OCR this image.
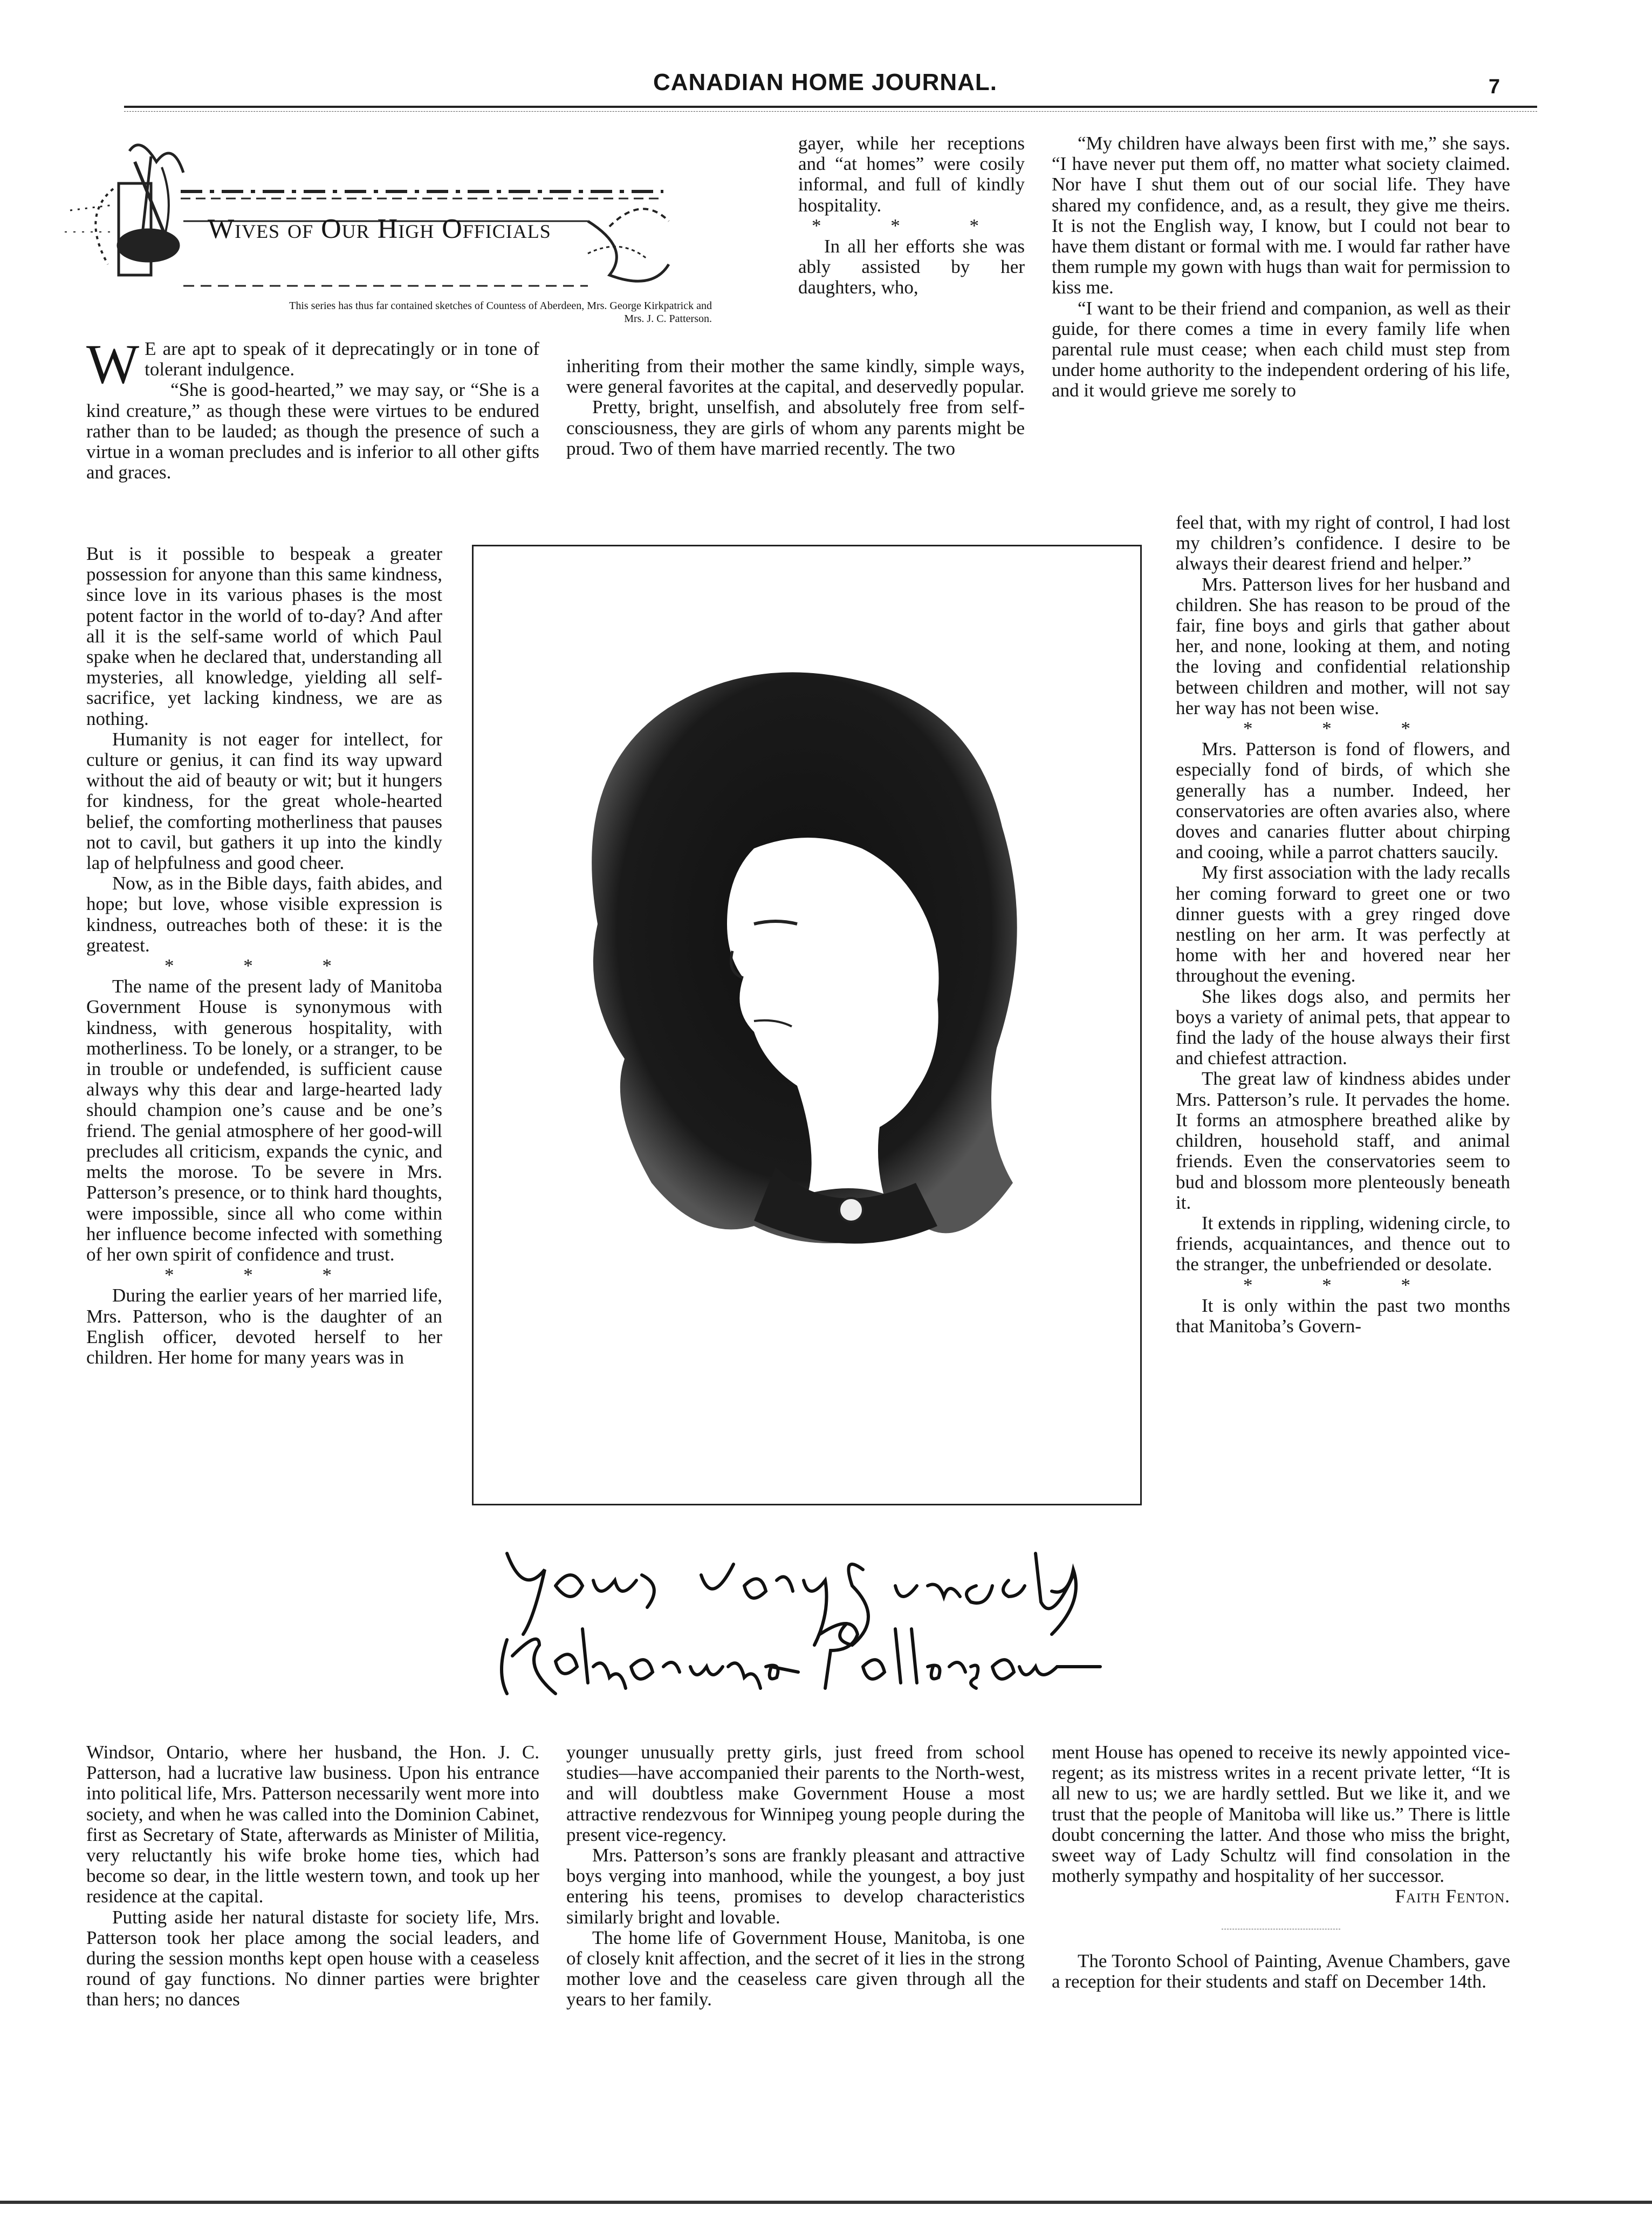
CANADIAN HOME JOURNAL.	7
Wives of Our High Officials
This series has thus far contained sketches of Countess of Aberdeen, Mrs. George Kirkpatrick and Mrs. J. C. Patterson.

W E are apt to speak of it deprecatingly or in tone of tolerant indulgence.

“She is good-hearted,” we may say, or “She is a kind creature,” as though these were virtues to be endured rather than to be lauded; as though the presence of such a virtue in a woman precludes and is inferior to all other gifts and graces.

But is it possible to bespeak a greater possession for anyone than this same kindness, since love in its various phases is the most potent factor in the world of to-day? And after all it is the self-same world of which Paul spake when he declared that, understanding all mysteries, all knowledge, yielding all self-sacrifice, yet lacking kindness, we are as nothing.

Humanity is not eager for intellect, for culture or genius, it can find its way upward without the aid of beauty or wit; but it hungers for kindness, for the great whole-hearted belief, the comforting motherliness that pauses not to cavil, but gathers it up into the kindly lap of helpfulness and good cheer.

Now, as in the Bible days, faith abides, and hope; but love, whose visible expression is kindness, outreaches both of these: it is the greatest.

* * *

The name of the present lady of Manitoba Government House is synonymous with kindness, with generous hospitality, with motherliness. To be lonely, or a stranger, to be in trouble or undefended, is sufficient cause always why this dear and large-hearted lady should champion one’s cause and be one’s friend. The genial atmosphere of her good-will precludes all criticism, expands the cynic, and melts the morose. To be severe in Mrs. Patterson’s presence, or to think hard thoughts, were impossible, since all who come within her influence become infected with something of her own spirit of confidence and trust.

* * *

During the earlier years of her married life, Mrs. Patterson, who is the daughter of an English officer, devoted herself to her children. Her home for many years was in

Windsor, Ontario, where her husband, the Hon. J. C. Patterson, had a lucrative law business. Upon his entrance into political life, Mrs. Patterson necessarily went more into society, and when he was called into the Dominion Cabinet, first as Secretary of State, afterwards as Minister of Militia, very reluctantly his wife broke home ties, which had become so dear, in the little western town, and took up her residence at the capital.

Putting aside her natural distaste for society life, Mrs. Patterson took her place among the social leaders, and during the session months kept open house with a ceaseless round of gay functions. No dinner parties were brighter than hers; no dances

gayer, while her receptions and “at homes” were cosily informal, and full of kindly hospitality.

* * *

In all her efforts she was ably assisted by her daughters, who,

inheriting from their mother the same kindly, simple ways, were general favorites at the capital, and deservedly popular.

Pretty, bright, unselfish, and absolutely free from self-consciousness, they are girls of whom any parents might be proud. Two of them have married recently. The two

younger unusually pretty girls, just freed from school studies—have accompanied their parents to the North-west, and will doubtless make Government House a most attractive rendezvous for Winnipeg young people during the present vice-regency.

Mrs. Patterson’s sons are frankly pleasant and attractive boys verging into manhood, while the youngest, a boy just entering his teens, promises to develop characteristics similarly bright and lovable.

The home life of Government House, Manitoba, is one of closely knit affection, and the secret of it lies in the strong mother love and the ceaseless care given through all the years to her family.

“My children have always been first with me,” she says. “I have never put them off, no matter what society claimed. Nor have I shut them out of our social life. They have shared my confidence, and, as a result, they give me theirs. It is not the English way, I know, but I could not bear to have them distant or formal with me. I would far rather have them rumple my gown with hugs than wait for permission to kiss me.

“I want to be their friend and companion, as well as their guide, for there comes a time in every family life when parental rule must cease; when each child must step from under home authority to the independent ordering of his life, and it would grieve me sorely to

feel that, with my right of control, I had lost my children’s confidence. I desire to be always their dearest friend and helper.”

Mrs. Patterson lives for her husband and children. She has reason to be proud of the fair, fine boys and girls that gather about her, and none, looking at them, and noting the loving and confidential relationship between children and mother, will not say her way has not been wise.

* * *

Mrs. Patterson is fond of flowers, and especially fond of birds, of which she generally has a number. Indeed, her conservatories are often avaries also, where doves and canaries flutter about chirping and cooing, while a parrot chatters saucily.

My first association with the lady recalls her coming forward to greet one or two dinner guests with a grey ringed dove nestling on her arm. It was perfectly at home with her and hovered near her throughout the evening.

She likes dogs also, and permits her boys a variety of animal pets, that appear to find the lady of the house always their first and chiefest attraction.

The great law of kindness abides under Mrs. Patterson’s rule. It pervades the home. It forms an atmosphere breathed alike by children, household staff, and animal friends. Even the conservatories seem to bud and blossom more plenteously beneath it.

It extends in rippling, widening circle, to friends, acquaintances, and thence out to the stranger, the unbefriended or desolate.

* * *

It is only within the past two months that Manitoba’s Govern-

ment House has opened to receive its newly appointed vice-regent; as its mistress writes in a recent private letter, “It is all new to us; we are hardly settled. But we like it, and we trust that the people of Manitoba will like us.” There is little doubt concerning the latter. And those who miss the bright, sweet way of Lady Schultz will find consolation in the motherly sympathy and hospitality of her successor.

Faith Fenton.

The Toronto School of Painting, Avenue Chambers, gave a reception for their students and staff on December 14th.
